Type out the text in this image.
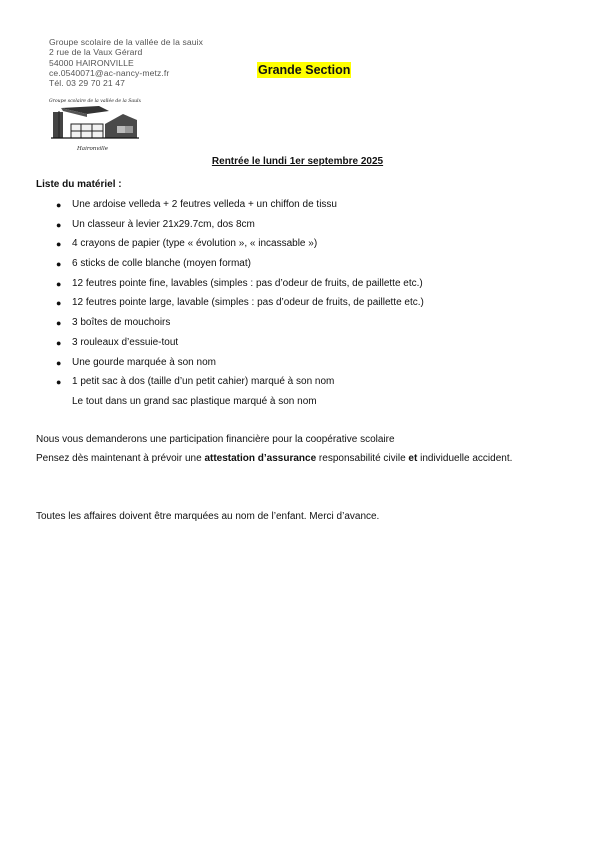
Groupe scolaire de la vallée de la sauix
2 rue de la Vaux Gérard
54000 HAIRONVILLE
ce.0540071@ac-nancy-metz.fr
Tél. 03 29 70 21 47
Grande Section
Groupe scolaire de la vallée de la Saulx
Haironville
Rentrée le lundi 1er septembre 2025
Liste du matériel :
● Une ardoise velleda + 2 feutres velleda + un chiffon de tissu
● Un classeur à levier 21x29.7cm, dos 8cm
● 4 crayons de papier (type « évolution », « incassable »)
● 6 sticks de colle blanche (moyen format)
● 12 feutres pointe fine, lavables (simples : pas d’odeur de fruits, de paillette etc.)
● 12 feutres pointe large, lavable (simples : pas d’odeur de fruits, de paillette etc.)
● 3 boîtes de mouchoirs
● 3 rouleaux d’essuie-tout
● Une gourde marquée à son nom
● 1 petit sac à dos (taille d’un petit cahier) marqué à son nom
Le tout dans un grand sac plastique marqué à son nom
Nous vous demanderons une participation financière pour la coopérative scolaire
Pensez dès maintenant à prévoir une attestation d’assurance responsabilité civile et individuelle accident.
Toutes les affaires doivent être marquées au nom de l’enfant. Merci d’avance.
